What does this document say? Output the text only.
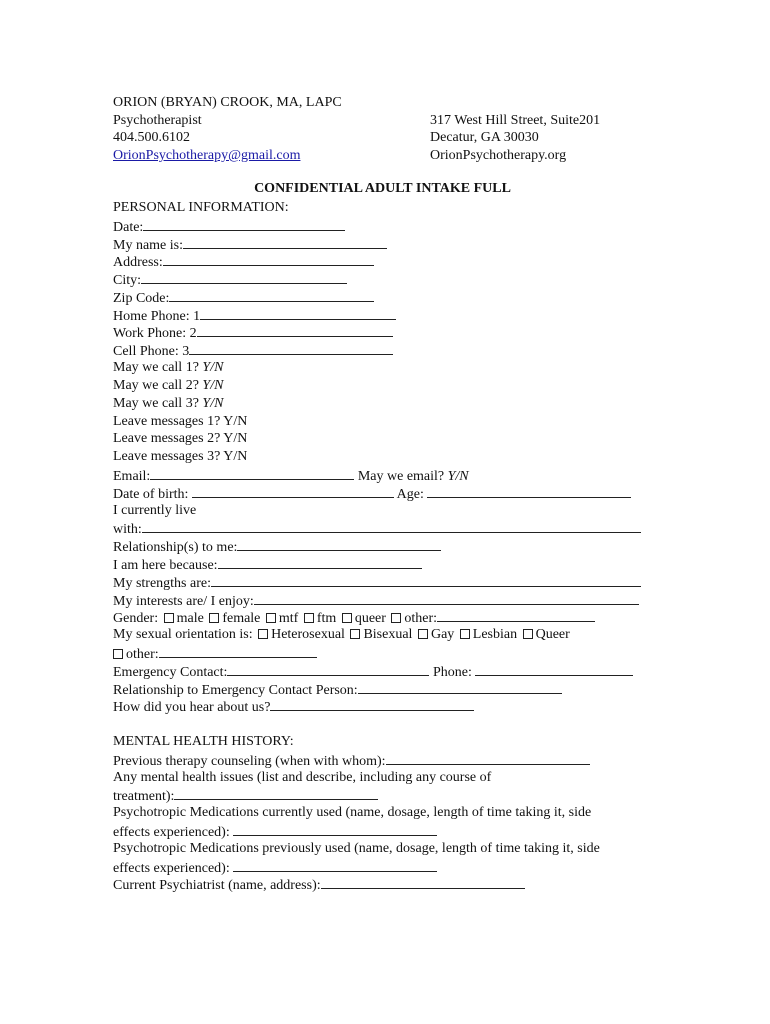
ORION (BRYAN) CROOK, MA, LAPC
Psychotherapist
404.500.6102
OrionPsychotherapy@gmail.com
317 West Hill Street, Suite201
Decatur, GA 30030
OrionPsychotherapy.org
CONFIDENTIAL ADULT INTAKE FULL
PERSONAL INFORMATION:
Date:
My name is:
Address:
City:
Zip Code:
Home Phone: 1
Work Phone: 2
Cell Phone: 3
May we call 1? Y/N
May we call 2? Y/N
May we call 3? Y/N
Leave messages 1? Y/N
Leave messages 2? Y/N
Leave messages 3? Y/N
Email:	May we email? Y/N
Date of birth:	Age:
I currently live
with:
Relationship(s) to me:
I am here because:
My strengths are:
My interests are/ I enjoy:
Gender: male female mtf ftm queer other:
My sexual orientation is: Heterosexual Bisexual Gay Lesbian Queer
other:
Emergency Contact:	Phone:
Relationship to Emergency Contact Person:
How did you hear about us?
MENTAL HEALTH HISTORY:
Previous therapy counseling (when with whom):
Any mental health issues (list and describe, including any course of
treatment):
Psychotropic Medications currently used (name, dosage, length of time taking it, side
effects experienced):
Psychotropic Medications previously used (name, dosage, length of time taking it, side
effects experienced):
Current Psychiatrist (name, address):
